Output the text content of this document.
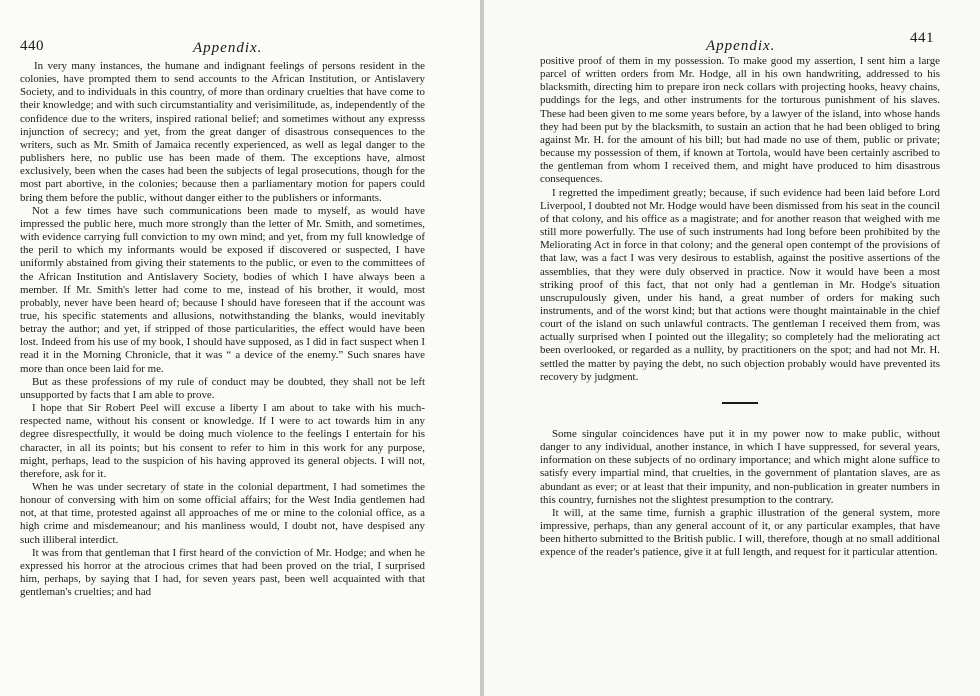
440	Appendix.

In very many instances, the humane and indignant feelings of persons resident in the colonies, have prompted them to send accounts to the African Institution, or Antislavery Society, and to individuals in this country, of more than ordinary cruelties that have come to their knowledge; and with such circumstantiality and verisimilitude, as, independently of the confidence due to the writers, inspired rational belief; and sometimes without any expresss injunction of secrecy; and yet, from the great danger of disastrous consequences to the writers, such as Mr. Smith of Jamaica recently experienced, as well as legal danger to the publishers here, no public use has been made of them. The exceptions have, almost exclusively, been when the cases had been the subjects of legal prosecutions, though for the most part abortive, in the colonies; because then a parliamentary motion for papers could bring them before the public, without danger either to the publishers or informants.

Not a few times have such communications been made to myself, as would have impressed the public here, much more strongly than the letter of Mr. Smith, and sometimes, with evidence carrying full conviction to my own mind; and yet, from my full knowledge of the peril to which my informants would be exposed if discovered or suspected, I have uniformly abstained from giving their statements to the public, or even to the committees of the African Institution and Antislavery Society, bodies of which I have always been a member. If Mr. Smith's letter had come to me, instead of his brother, it would, most probably, never have been heard of; because I should have foreseen that if the account was true, his specific statements and allusions, notwithstanding the blanks, would inevitably betray the author; and yet, if stripped of those particularities, the effect would have been lost. Indeed from his use of my book, I should have supposed, as I did in fact suspect when I read it in the Morning Chronicle, that it was “ a device of the enemy.” Such snares have more than once been laid for me.

But as these professions of my rule of conduct may be doubted, they shall not be left unsupported by facts that I am able to prove.

I hope that Sir Robert Peel will excuse a liberty I am about to take with his much-respected name, without his consent or knowledge. If I were to act towards him in any degree disrespectfully, it would be doing much violence to the feelings I entertain for his character, in all its points; but his consent to refer to him in this work for any purpose, might, perhaps, lead to the suspicion of his having approved its general objects. I will not, therefore, ask for it.

When he was under secretary of state in the colonial department, I had sometimes the honour of conversing with him on some official affairs; for the West India gentlemen had not, at that time, protested against all approaches of me or mine to the colonial office, as a high crime and misdemeanour; and his manliness would, I doubt not, have despised any such illiberal interdict.

It was from that gentleman that I first heard of the conviction of Mr. Hodge; and when he expressed his horror at the atrocious crimes that had been proved on the trial, I surprised him, perhaps, by saying that I had, for seven years past, been well acquainted with that gentleman's cruelties; and had

Appendix.	441

positive proof of them in my possession. To make good my assertion, I sent him a large parcel of written orders from Mr. Hodge, all in his own handwriting, addressed to his blacksmith, directing him to prepare iron neck collars with projecting hooks, heavy chains, puddings for the legs, and other instruments for the torturous punishment of his slaves. These had been given to me some years before, by a lawyer of the island, into whose hands they had been put by the blacksmith, to sustain an action that he had been obliged to bring against Mr. H. for the amount of his bill; but had made no use of them, public or private; because my possession of them, if known at Tortola, would have been certainly ascribed to the gentleman from whom I received them, and might have produced to him disastrous consequences.

I regretted the impediment greatly; because, if such evidence had been laid before Lord Liverpool, I doubted not Mr. Hodge would have been dismissed from his seat in the council of that colony, and his office as a magistrate; and for another reason that weighed with me still more powerfully. The use of such instruments had long before been prohibited by the Meliorating Act in force in that colony; and the general open contempt of the provisions of that law, was a fact I was very desirous to establish, against the positive assertions of the assemblies, that they were duly observed in practice. Now it would have been a most striking proof of this fact, that not only had a gentleman in Mr. Hodge's situation unscrupulously given, under his hand, a great number of orders for making such instruments, and of the worst kind; but that actions were thought maintainable in the chief court of the island on such unlawful contracts. The gentleman I received them from, was actually surprised when I pointed out the illegality; so completely had the meliorating act been overlooked, or regarded as a nullity, by practitioners on the spot; and had not Mr. H. settled the matter by paying the debt, no such objection probably would have prevented its recovery by judgment.

Some singular coincidences have put it in my power now to make public, without danger to any individual, another instance, in which I have suppressed, for several years, information on these subjects of no ordinary importance; and which might alone suffice to satisfy every impartial mind, that cruelties, in the government of plantation slaves, are as abundant as ever; or at least that their impunity, and non-publication in greater numbers in this country, furnishes not the slightest presumption to the contrary.

It will, at the same time, furnish a graphic illustration of the general system, more impressive, perhaps, than any general account of it, or any particular examples, that have been hitherto submitted to the British public. I will, therefore, though at no small additional expence of the reader's patience, give it at full length, and request for it particular attention.
